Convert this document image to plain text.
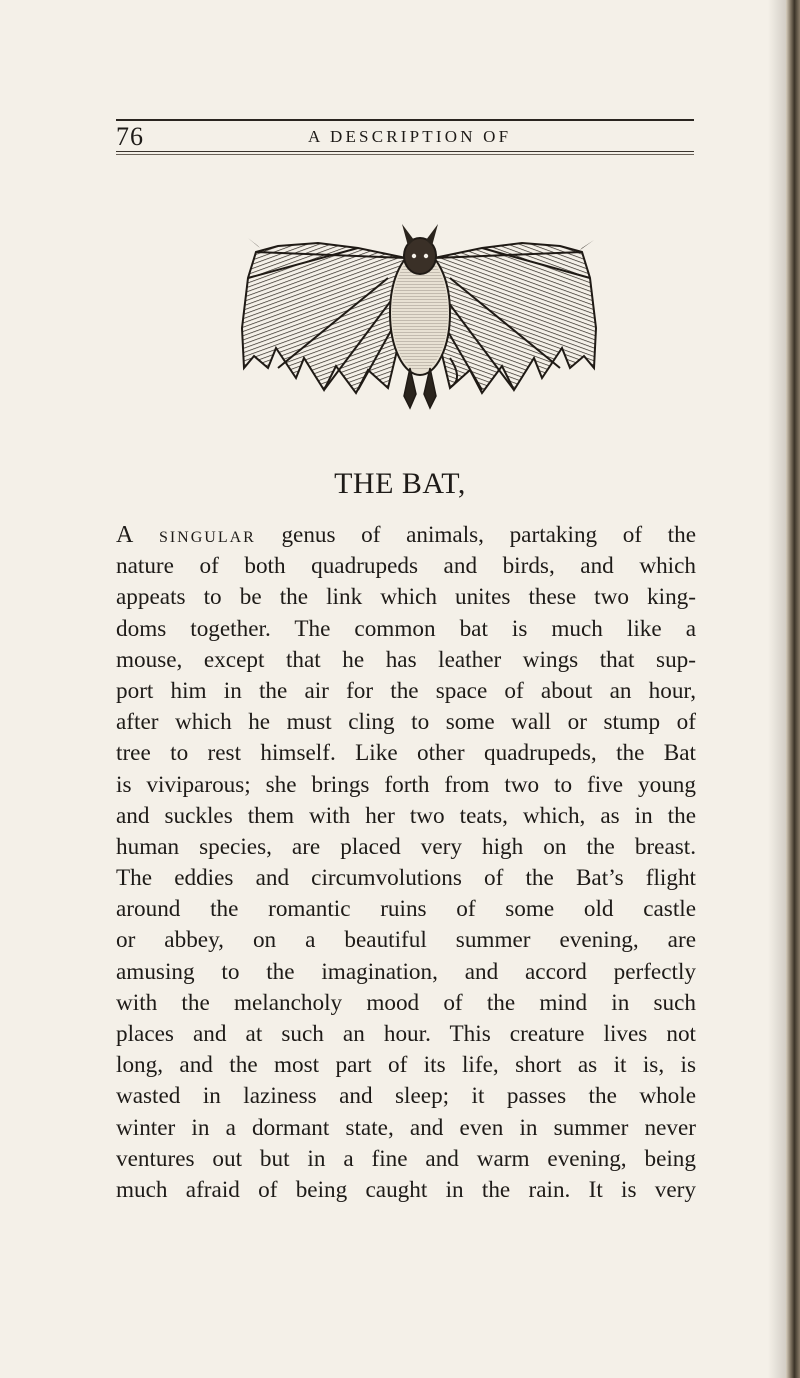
76	A DESCRIPTION OF
THE BAT,
A singular genus of animals, partaking of the
nature of both quadrupeds and birds, and which
appeats to be the link which unites these two king-
doms together. The common bat is much like a
mouse, except that he has leather wings that sup-
port him in the air for the space of about an hour,
after which he must cling to some wall or stump of
tree to rest himself. Like other quadrupeds, the Bat
is viviparous; she brings forth from two to five young
and suckles them with her two teats, which, as in the
human species, are placed very high on the breast.
The eddies and circumvolutions of the Bat’s flight
around the romantic ruins of some old castle
or abbey, on a beautiful summer evening, are
amusing to the imagination, and accord perfectly
with the melancholy mood of the mind in such
places and at such an hour. This creature lives not
long, and the most part of its life, short as it is, is
wasted in laziness and sleep; it passes the whole
winter in a dormant state, and even in summer never
ventures out but in a fine and warm evening, being
much afraid of being caught in the rain. It is very
